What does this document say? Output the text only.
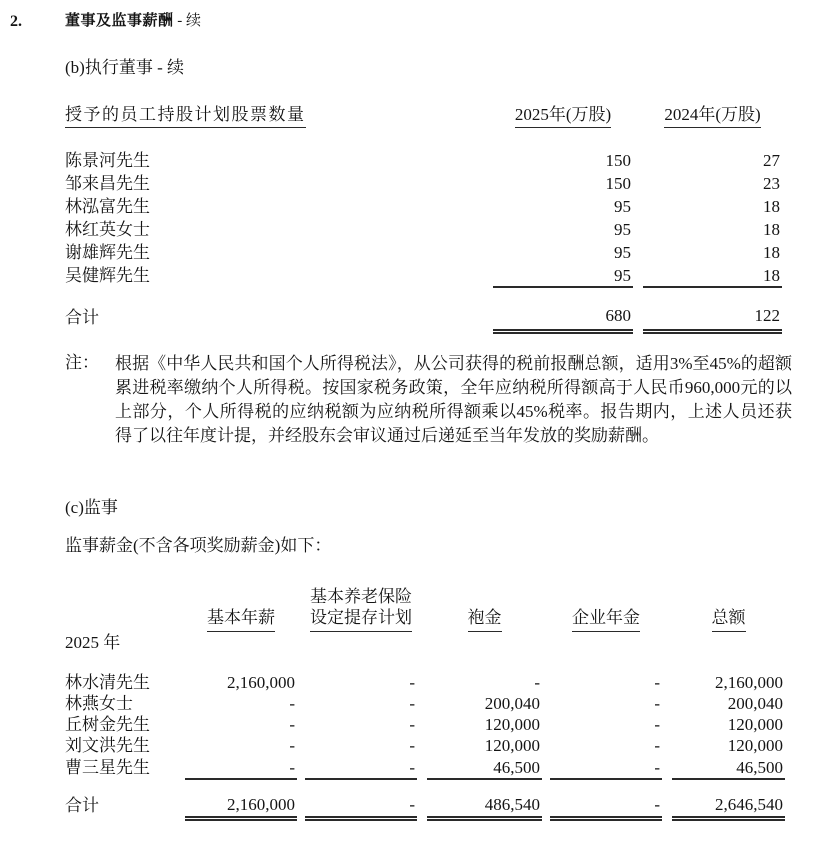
2.	董事及监事薪酬 - 续
(b)执行董事 - 续
授予的员工持股计划股票数量	2025年(万股)		2024年(万股)

陈景河先生	150		27
邹来昌先生	150		23
林泓富先生	95		18
林红英女士	95		18
谢雄辉先生	95		18
吴健辉先生	95		18

合计	680		122
注： 根据《中华人民共和国个人所得税法》，从公司获得的税前报酬总额，适用3%至45%的超额累进税率缴纳个人所得税。按国家税务政策，全年应纳税所得额高于人民币960,000元的以上部分，个人所得税的应纳税额为应纳税所得额乘以45%税率。报告期内，上述人员还获得了以往年度计提，并经股东会审议通过后递延至当年发放的奖励薪酬。
(c)监事
监事薪金(不含各项奖励薪金)如下：
			基本养老保险						
	基本年薪		设定提存计划		袍金		企业年金		总额
2025 年									

林水清先生	2,160,000		-		-		-		2,160,000
林燕女士	-		-		200,040		-		200,040
丘树金先生	-		-		120,000		-		120,000
刘文洪先生	-		-		120,000		-		120,000
曹三星先生	-		-		46,500		-		46,500

合计	2,160,000		-		486,540		-		2,646,540
